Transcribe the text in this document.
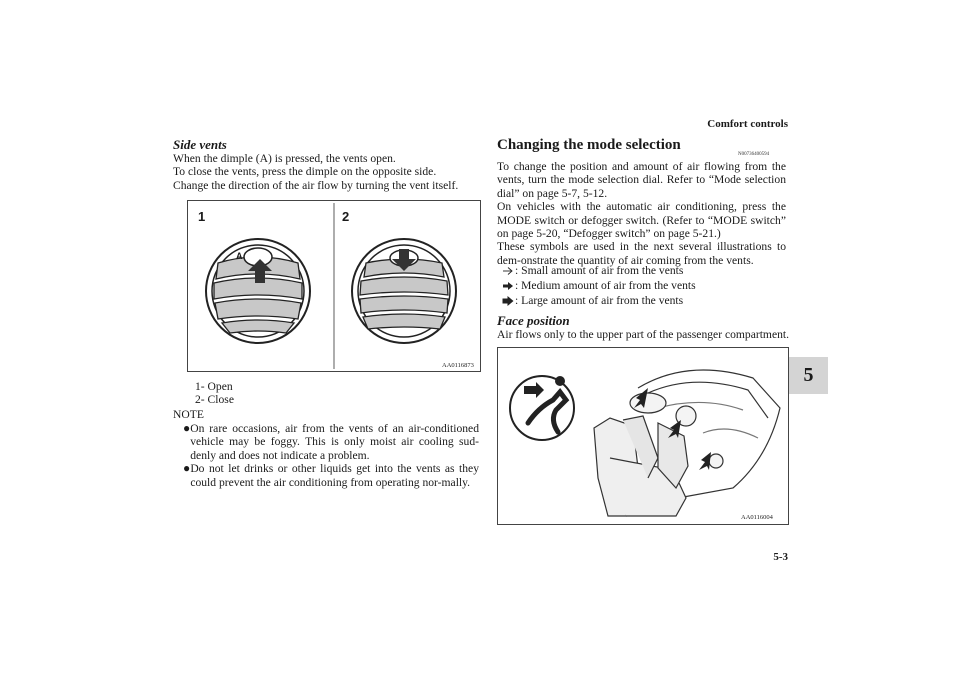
Comfort controls
5-3
5
Side vents
When the dimple (A) is pressed, the vents open.
To close the vents, press the dimple on the opposite side.
Change the direction of the air flow by turning the vent itself.
1	2
A
AA0116873
1- Open
2- Close
NOTE
● On rare occasions, air from the vents of an air-conditioned vehicle may be foggy. This is only moist air cooling sud-denly and does not indicate a problem.
● Do not let drinks or other liquids get into the vents as they could prevent the air conditioning from operating nor-mally.
Changing the mode selection
N00736400594
To change the position and amount of air flowing from the vents, turn the mode selection dial. Refer to “Mode selection dial” on page 5-7, 5-12.
On vehicles with the automatic air conditioning, press the MODE switch or defogger switch. (Refer to “MODE switch” on page 5-20, “Defogger switch” on page 5-21.)
These symbols are used in the next several illustrations to dem-onstrate the quantity of air coming from the vents.
: Small amount of air from the vents
: Medium amount of air from the vents
: Large amount of air from the vents
Face position
Air flows only to the upper part of the passenger compartment.
AA0116004
